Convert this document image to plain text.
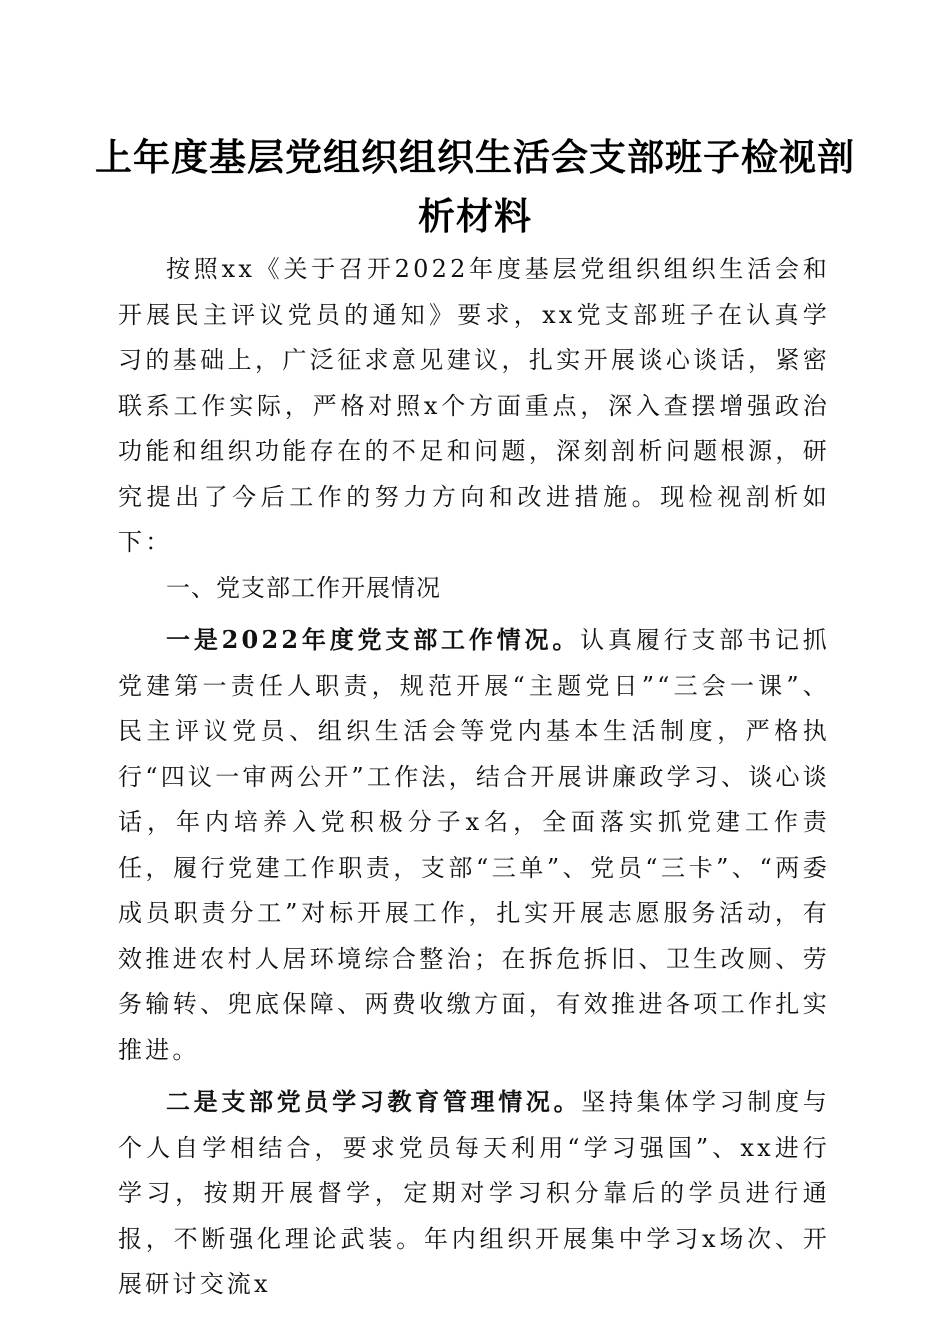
上年度基层党组织组织生活会支部班子检视剖析材料

按照xx《关于召开2022年度基层党组织组织生活会和开展民主评议党员的通知》要求，xx党支部班子在认真学习的基础上，广泛征求意见建议，扎实开展谈心谈话，紧密联系工作实际，严格对照x个方面重点，深入查摆增强政治功能和组织功能存在的不足和问题，深刻剖析问题根源，研究提出了今后工作的努力方向和改进措施。现检视剖析如下：

一、党支部工作开展情况

一是2022年度党支部工作情况。认真履行支部书记抓党建第一责任人职责，规范开展“主题党日”“三会一课”、民主评议党员、组织生活会等党内基本生活制度，严格执行“四议一审两公开”工作法，结合开展讲廉政学习、谈心谈话，年内培养入党积极分子x名，全面落实抓党建工作责任，履行党建工作职责，支部“三单”、党员“三卡”、“两委成员职责分工”对标开展工作，扎实开展志愿服务活动，有效推进农村人居环境综合整治；在拆危拆旧、卫生改厕、劳务输转、兜底保障、两费收缴方面，有效推进各项工作扎实推进。

二是支部党员学习教育管理情况。坚持集体学习制度与个人自学相结合，要求党员每天利用“学习强国”、xx进行学习，按期开展督学，定期对学习积分靠后的学员进行通报，不断强化理论武装。年内组织开展集中学习x场次、开展研讨交流x
